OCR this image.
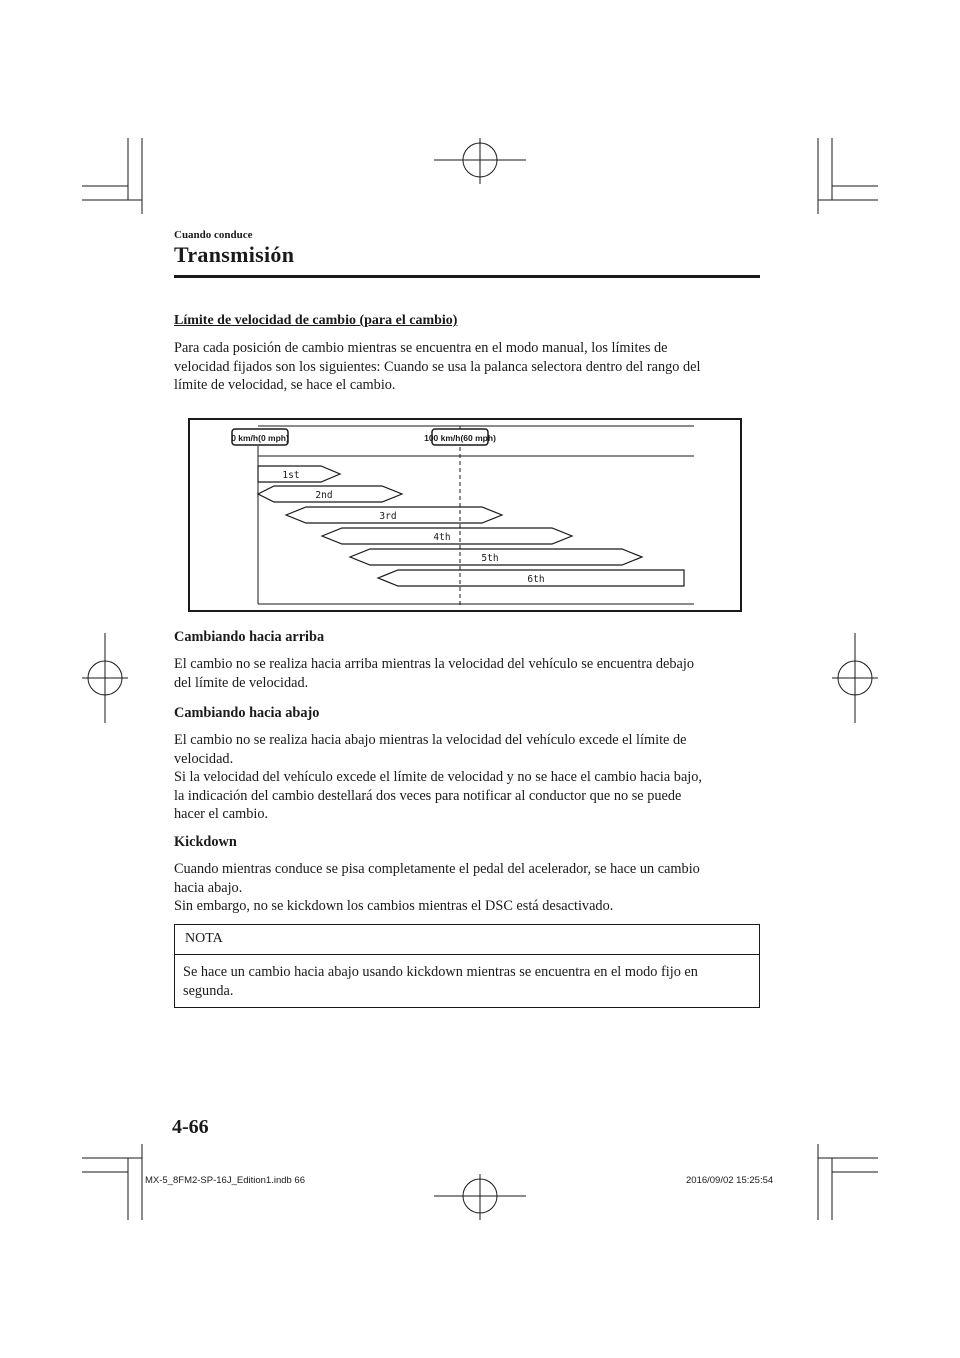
Cuando conduce
Transmisión
Límite de velocidad de cambio (para el cambio)
Para cada posición de cambio mientras se encuentra en el modo manual, los límites de
velocidad fijados son los siguientes: Cuando se usa la palanca selectora dentro del rango del
límite de velocidad, se hace el cambio.
0 km/h(0 mph)	100 km/h(60 mph)
1st
2nd
3rd
4th
5th
6th
Cambiando hacia arriba
El cambio no se realiza hacia arriba mientras la velocidad del vehículo se encuentra debajo
del límite de velocidad.
Cambiando hacia abajo
El cambio no se realiza hacia abajo mientras la velocidad del vehículo excede el límite de
velocidad.
Si la velocidad del vehículo excede el límite de velocidad y no se hace el cambio hacia bajo,
la indicación del cambio destellará dos veces para notificar al conductor que no se puede
hacer el cambio.
Kickdown
Cuando mientras conduce se pisa completamente el pedal del acelerador, se hace un cambio
hacia abajo.
Sin embargo, no se kickdown los cambios mientras el DSC está desactivado.
NOTA
Se hace un cambio hacia abajo usando kickdown mientras se encuentra en el modo fijo en
segunda.
4-66
MX-5_8FM2-SP-16J_Edition1.indb 66	2016/09/02 15:25:54
